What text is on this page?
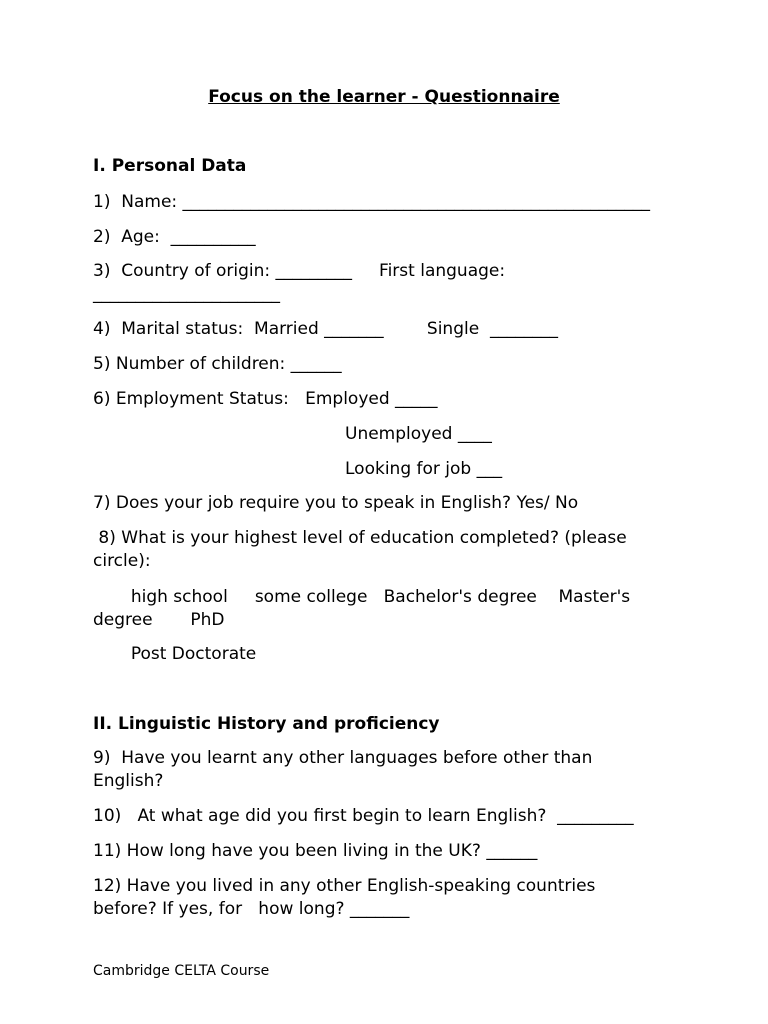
Focus on the learner - Questionnaire
I. Personal Data
1)  Name: _______________________________________________________
2)  Age:  __________
3)  Country of origin: _________     First language:
______________________
4)  Marital status:  Married _______        Single  ________
5) Number of children: ______
6) Employment Status:   Employed _____
Unemployed ____
Looking for job ___
7) Does your job require you to speak in English? Yes/ No
8) What is your highest level of education completed? (please
circle):
high school     some college   Bachelor's degree    Master's
degree       PhD
Post Doctorate
II. Linguistic History and proficiency
9)  Have you learnt any other languages before other than
English?
10)   At what age did you first begin to learn English?  _________
11) How long have you been living in the UK? ______
12) Have you lived in any other English-speaking countries
before? If yes, for   how long? _______
Cambridge CELTA Course
